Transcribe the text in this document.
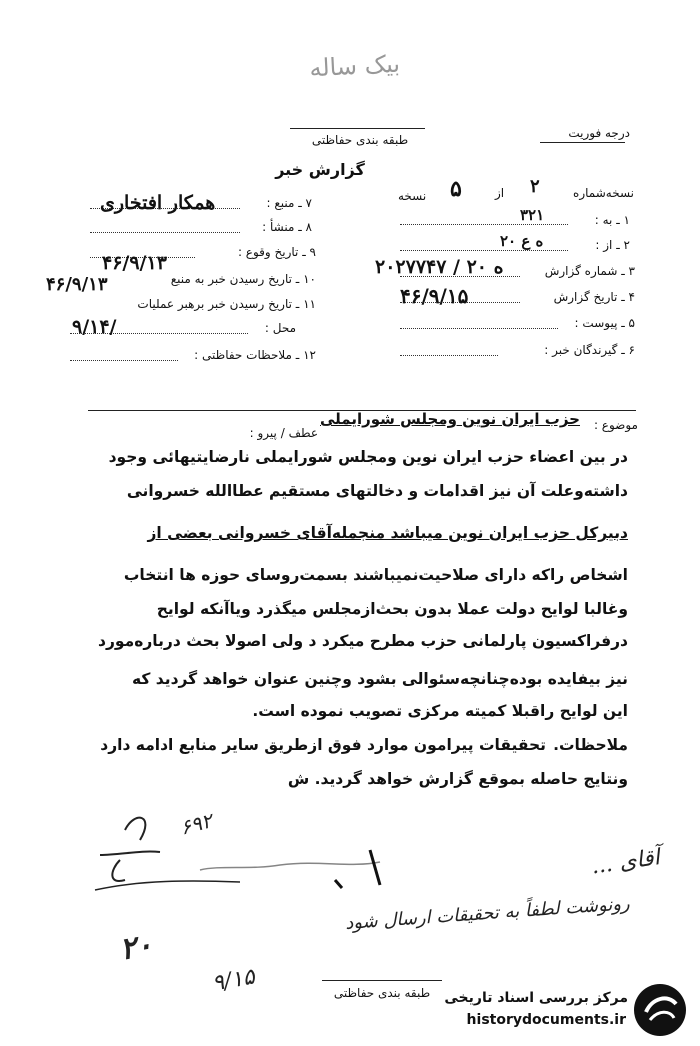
بیک ساله
درجه فوریت
طبقه بندی حفاظتی
گزارش خبر
نسخه‌شماره
۲
از
۵
نسخه
۱ ـ به :
۳۲۱
۲ ـ از :
۲۰ ه ع
۳ ـ شماره گزارش
۲۰۲۷۷۴۷ / ۲۰ ه
۴ ـ تاریخ گزارش
۴۶/۹/۱۵
۵ ـ پیوست :
۶ ـ گیرندگان خبر :
۷ ـ منبع :
همکار افتخاری
۸ ـ منشأ :
۹ ـ تاریخ وقوع :
۴۶/۹/۱۳
۱۰ ـ تاریخ رسیدن خبر به منبع
۴۶/۹/۱۳
۱۱ ـ تاریخ رسیدن خبر برهبر عملیات
محل :
۹/۱۴/
۱۲ ـ ملاحظات حفاظتی :
موضوع :
حزب ایران نوین ومجلس شورایملی
عطف / پیرو :
در بین اعضاء حزب ایران نوین ومجلس شورایملی نارضایتیهائی وجود
داشته‌وعلت آن نیز اقدامات و دخالتهای مستقیم عطاالله خسروانی
دبیرکل حزب ایران نوین میباشد منجمله‌آقای خسروانی بعضی از
اشخاص راکه دارای صلاحیت‌نمیباشند بسمت‌روسای حوزه ها انتخاب
وغالبا لوایح دولت عملا بدون بحث‌ازمجلس میگذرد ویاآنکه لوایح
درفراکسیون پارلمانی حزب مطرح میکرد د ولی اصولا بحث درباره‌مورد
نیز بیفایده بوده‌چنانچه‌سئوالی بشود وچنین عنوان خواهد گردید که
این لوایح راقبلا کمیته مرکزی تصویب نموده است.
ملاحظات.
تحقیقات پیرامون موارد فوق ازطریق سایر منابع ادامه دارد
ونتایج حاصله بموقع گزارش خواهد گردید. ش
۶۹۲
آقای ...
رونوشت لطفاً به تحقیقات ارسال شود
۲۰
۹/۱۵	طبقه بندی حفاظتی	مرکز بررسی اسناد تاریخی
historydocuments.ir
